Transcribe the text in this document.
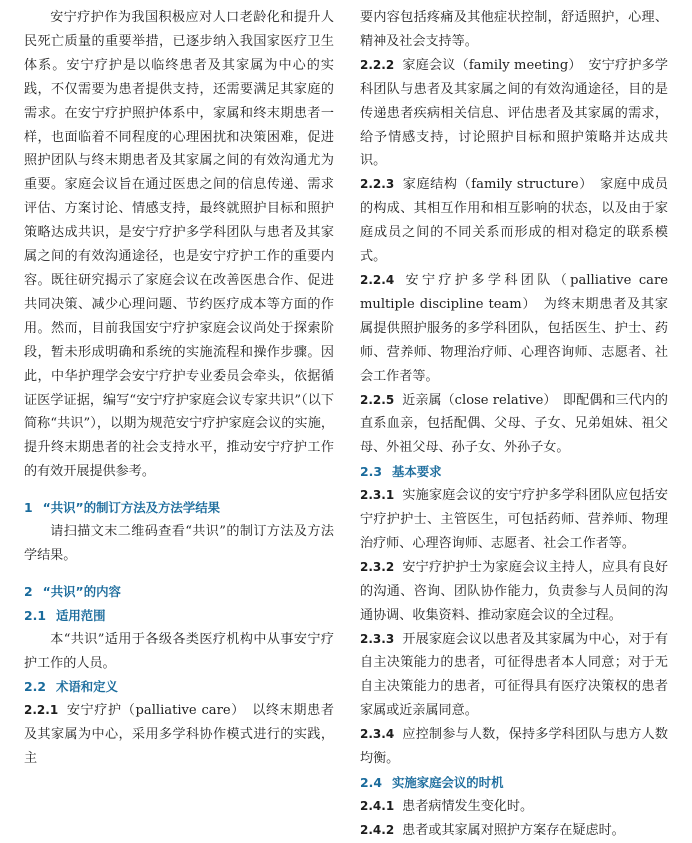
安宁疗护作为我国积极应对人口老龄化和提升人民死亡质量的重要举措，已逐步纳入我国家医疗卫生体系。安宁疗护是以临终患者及其家属为中心的实践，不仅需要为患者提供支持，还需要满足其家庭的需求。在安宁疗护照护体系中，家属和终末期患者一样，也面临着不同程度的心理困扰和决策困难，促进照护团队与终末期患者及其家属之间的有效沟通尤为重要。家庭会议旨在通过医患之间的信息传递、需求评估、方案讨论、情感支持，最终就照护目标和照护策略达成共识，是安宁疗护多学科团队与患者及其家属之间的有效沟通途径，也是安宁疗护工作的重要内容。既往研究揭示了家庭会议在改善医患合作、促进共同决策、减少心理问题、节约医疗成本等方面的作用。然而，目前我国安宁疗护家庭会议尚处于探索阶段，暂未形成明确和系统的实施流程和操作步骤。因此，中华护理学会安宁疗护专业委员会牵头，依据循证医学证据，编写“安宁疗护家庭会议专家共识”（以下简称“共识”），以期为规范安宁疗护家庭会议的实施，提升终末期患者的社会支持水平，推动安宁疗护工作的有效开展提供参考。

1 “共识”的制订方法及方法学结果

请扫描文末二维码查看“共识”的制订方法及方法学结果。

2 “共识”的内容

2.1 适用范围

本“共识”适用于各级各类医疗机构中从事安宁疗护工作的人员。

2.2 术语和定义

2.2.1 安宁疗护（palliative care）　以终末期患者及其家属为中心，采用多学科协作模式进行的实践，主

要内容包括疼痛及其他症状控制，舒适照护，心理、精神及社会支持等。

2.2.2 家庭会议（family meeting）　安宁疗护多学科团队与患者及其家属之间的有效沟通途径，目的是传递患者疾病相关信息、评估患者及其家属的需求，给予情感支持，讨论照护目标和照护策略并达成共识。

2.2.3 家庭结构（family structure）　家庭中成员的构成、其相互作用和相互影响的状态，以及由于家庭成员之间的不同关系而形成的相对稳定的联系模式。

2.2.4 安宁疗护多学科团队（palliative care multiple discipline team）　为终末期患者及其家属提供照护服务的多学科团队，包括医生、护士、药师、营养师、物理治疗师、心理咨询师、志愿者、社会工作者等。

2.2.5 近亲属（close relative）　即配偶和三代内的直系血亲，包括配偶、父母、子女、兄弟姐妹、祖父母、外祖父母、孙子女、外孙子女。

2.3 基本要求

2.3.1 实施家庭会议的安宁疗护多学科团队应包括安宁疗护护士、主管医生，可包括药师、营养师、物理治疗师、心理咨询师、志愿者、社会工作者等。

2.3.2 安宁疗护护士为家庭会议主持人，应具有良好的沟通、咨询、团队协作能力，负责参与人员间的沟通协调、收集资料、推动家庭会议的全过程。

2.3.3 开展家庭会议以患者及其家属为中心，对于有自主决策能力的患者，可征得患者本人同意；对于无自主决策能力的患者，可征得具有医疗决策权的患者家属或近亲属同意。

2.3.4 应控制参与人数，保持多学科团队与患方人数均衡。

2.4 实施家庭会议的时机

2.4.1 患者病情发生变化时。

2.4.2 患者或其家属对照护方案存在疑虑时。
